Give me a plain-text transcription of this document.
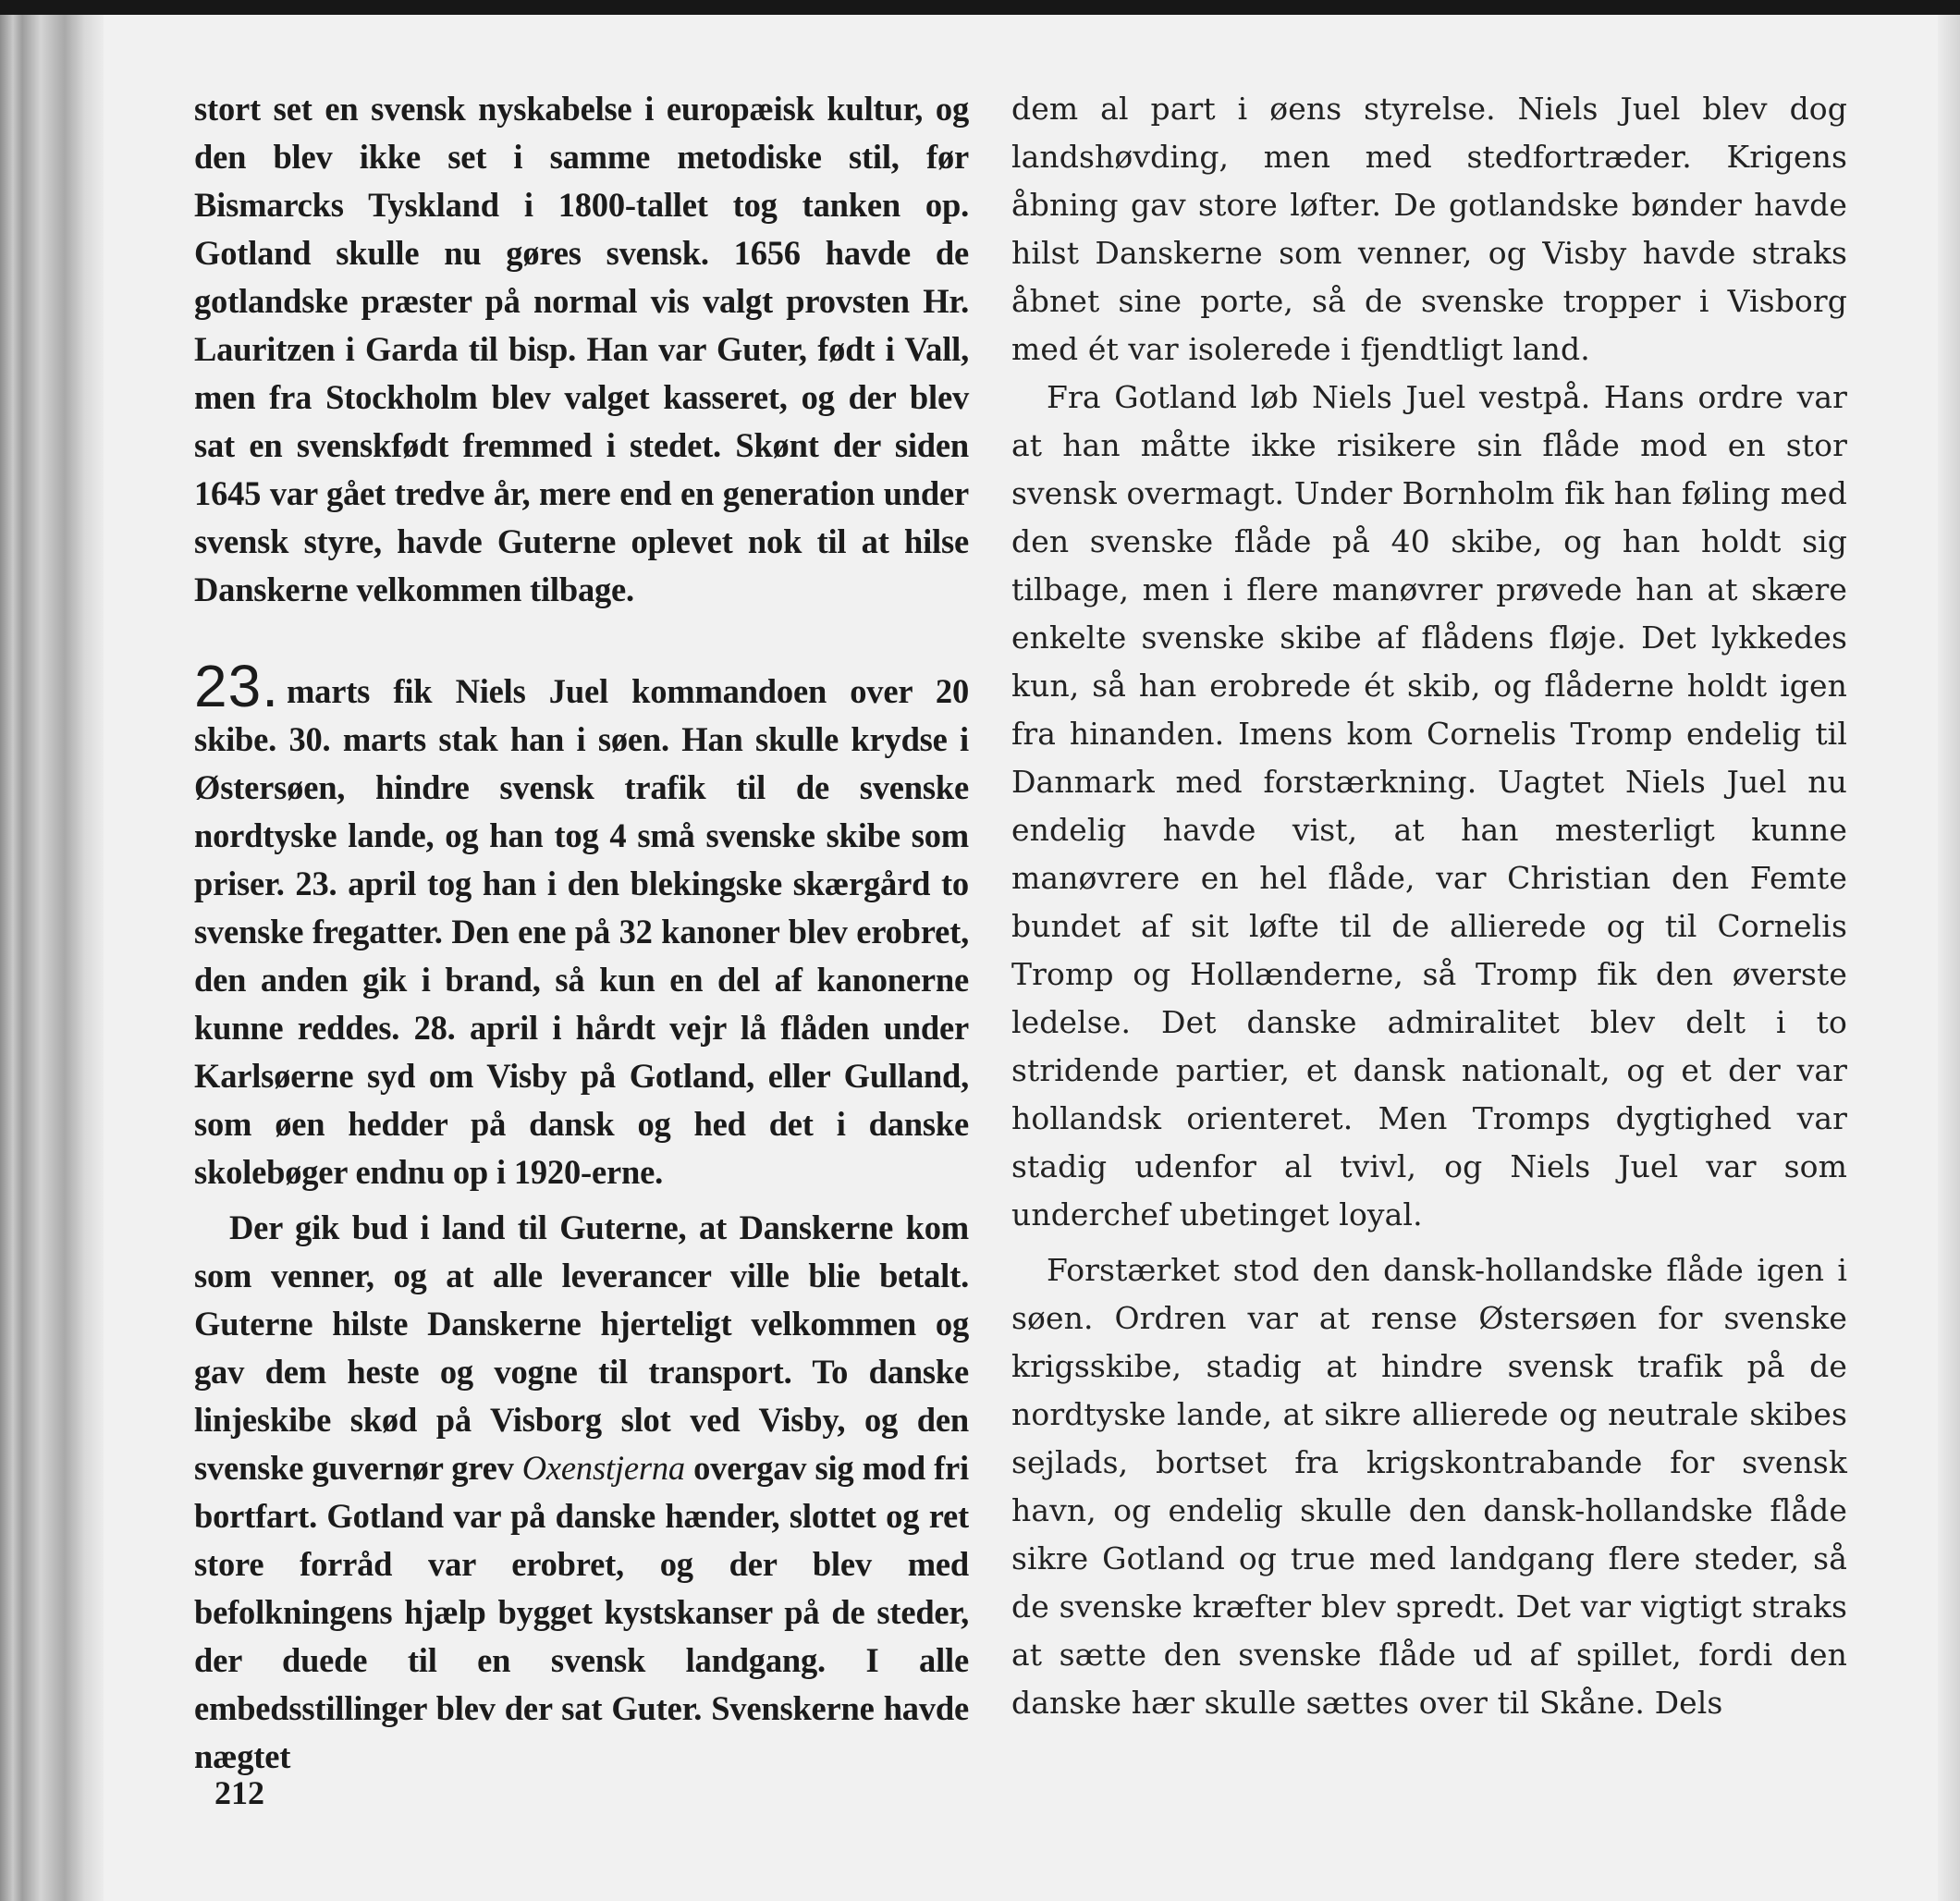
stort set en svensk nyskabelse i europæisk kultur, og den blev ikke set i samme metodiske stil, før Bismarcks Tyskland i 1800-tallet tog tanken op. Gotland skulle nu gøres svensk. 1656 havde de gotlandske præster på normal vis valgt provsten Hr. Lauritzen i Garda til bisp. Han var Guter, født i Vall, men fra Stockholm blev valget kasseret, og der blev sat en svenskfødt fremmed i stedet. Skønt der siden 1645 var gået tredve år, mere end en generation under svensk styre, havde Guterne oplevet nok til at hilse Danskerne velkommen tilbage.

23. marts fik Niels Juel kommandoen over 20 skibe. 30. marts stak han i søen. Han skulle krydse i Østersøen, hindre svensk trafik til de svenske nordtyske lande, og han tog 4 små svenske skibe som priser. 23. april tog han i den blekingske skærgård to svenske fregatter. Den ene på 32 kanoner blev erobret, den anden gik i brand, så kun en del af kanonerne kunne reddes. 28. april i hårdt vejr lå flåden under Karlsøerne syd om Visby på Gotland, eller Gulland, som øen hedder på dansk og hed det i danske skolebøger endnu op i 1920-erne.

Der gik bud i land til Guterne, at Danskerne kom som venner, og at alle leverancer ville blie betalt. Guterne hilste Danskerne hjerteligt velkommen og gav dem heste og vogne til transport. To danske linjeskibe skød på Visborg slot ved Visby, og den svenske guvernør grev Oxenstjerna overgav sig mod fri bortfart. Gotland var på danske hænder, slottet og ret store forråd var erobret, og der blev med befolkningens hjælp bygget kystskanser på de steder, der duede til en svensk landgang. I alle embedsstillinger blev der sat Guter. Svenskerne havde nægtet

dem al part i øens styrelse. Niels Juel blev dog landshøvding, men med stedfortræder. Krigens åbning gav store løfter. De gotlandske bønder havde hilst Danskerne som venner, og Visby havde straks åbnet sine porte, så de svenske tropper i Visborg med ét var isolerede i fjendtligt land.

Fra Gotland løb Niels Juel vestpå. Hans ordre var at han måtte ikke risikere sin flåde mod en stor svensk overmagt. Under Bornholm fik han føling med den svenske flåde på 40 skibe, og han holdt sig tilbage, men i flere manøvrer prøvede han at skære enkelte svenske skibe af flådens fløje. Det lykkedes kun, så han erobrede ét skib, og flåderne holdt igen fra hinanden. Imens kom Cornelis Tromp endelig til Danmark med forstærkning. Uagtet Niels Juel nu endelig havde vist, at han mesterligt kunne manøvrere en hel flåde, var Christian den Femte bundet af sit løfte til de allierede og til Cornelis Tromp og Hollænderne, så Tromp fik den øverste ledelse. Det danske admiralitet blev delt i to stridende partier, et dansk nationalt, og et der var hollandsk orienteret. Men Tromps dygtighed var stadig udenfor al tvivl, og Niels Juel var som underchef ubetinget loyal.

Forstærket stod den dansk-hollandske flåde igen i søen. Ordren var at rense Østersøen for svenske krigsskibe, stadig at hindre svensk trafik på de nordtyske lande, at sikre allierede og neutrale skibes sejlads, bortset fra krigskontrabande for svensk havn, og endelig skulle den dansk-hollandske flåde sikre Gotland og true med landgang flere steder, så de svenske kræfter blev spredt. Det var vigtigt straks at sætte den svenske flåde ud af spillet, fordi den danske hær skulle sættes over til Skåne. Dels

212
